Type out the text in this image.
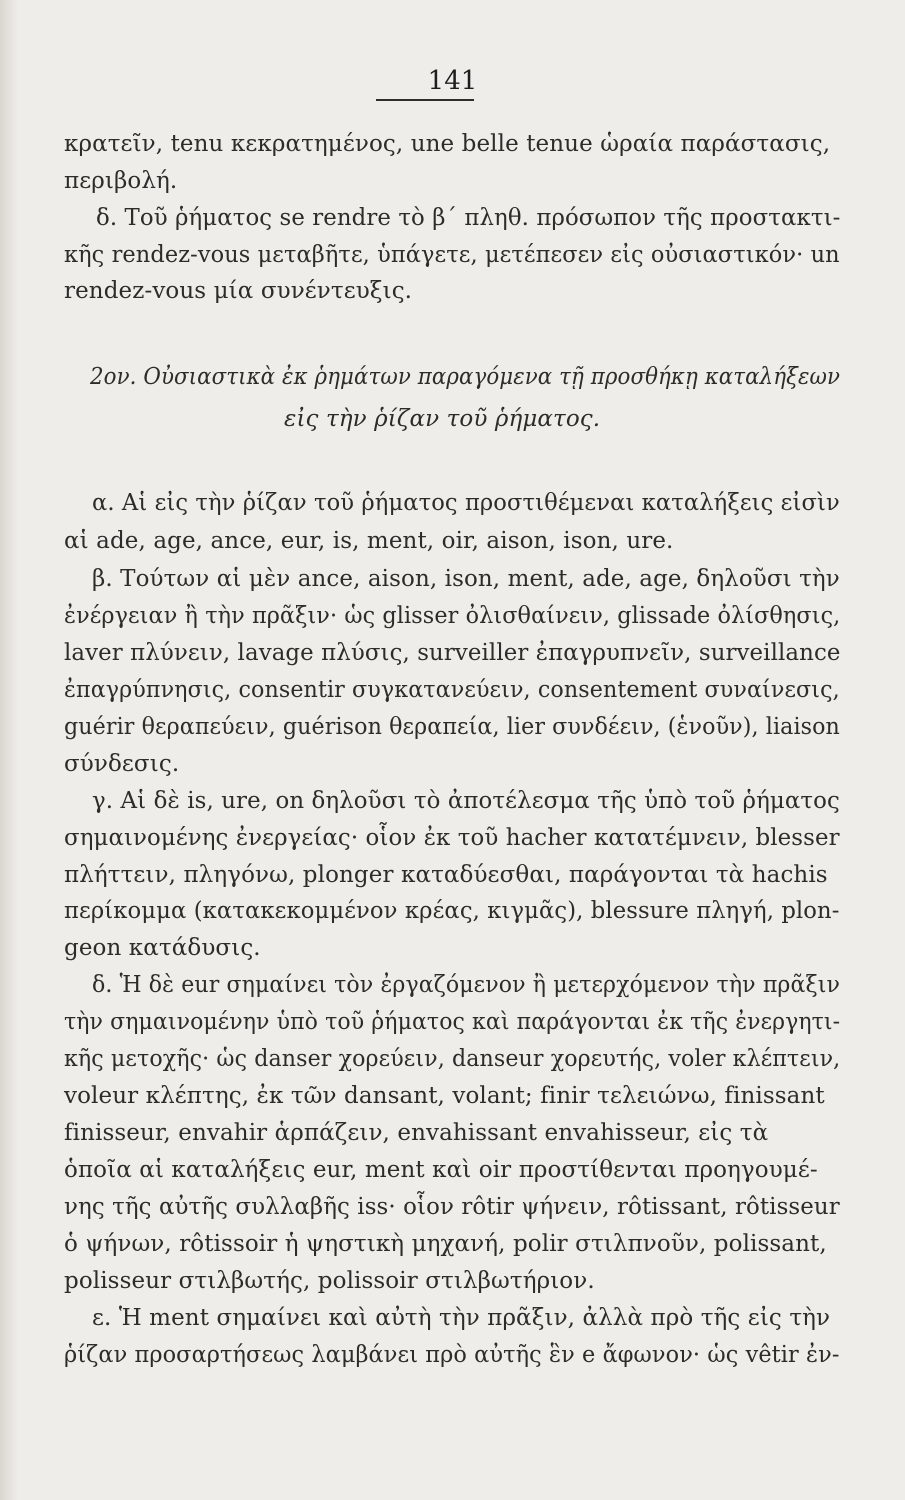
141
κρατεῖν, tenu κεκρατημένος, une belle tenue ὡραία παράστασις,
περιβολή.
δ. Τοῦ ῥήματος se rendre τὸ β΄ πληθ. πρόσωπον τῆς προστακτι-
κῆς rendez-vous μεταβῆτε, ὑπάγετε, μετέπεσεν εἰς οὐσιαστικόν· un
rendez-vous μία συνέντευξις.
2ον. Οὐσιαστικὰ ἐκ ῥημάτων παραγόμενα τῇ προσθήκῃ καταλήξεων
εἰς τὴν ῥίζαν τοῦ ῥήματος.
α. Αἱ εἰς τὴν ῥίζαν τοῦ ῥήματος προστιθέμεναι καταλήξεις εἰσὶν
αἱ ade, age, ance, eur, is, ment, oir, aison, ison, ure.
β. Τούτων αἱ μὲν ance, aison, ison, ment, ade, age, δηλοῦσι τὴν
ἐνέργειαν ἢ τὴν πρᾶξιν· ὡς glisser ὀλισθαίνειν, glissade ὀλίσθησις,
laver πλύνειν, lavage πλύσις, surveiller ἐπαγρυπνεῖν, surveillance
ἐπαγρύπνησις, consentir συγκατανεύειν, consentement συναίνεσις,
guérir θεραπεύειν, guérison θεραπεία, lier συνδέειν, (ἑνοῦν), liaison
σύνδεσις.
γ. Αἱ δὲ is, ure, on δηλοῦσι τὸ ἀποτέλεσμα τῆς ὑπὸ τοῦ ῥήματος
σημαινομένης ἐνεργείας· οἷον ἐκ τοῦ hacher κατατέμνειν, blesser
πλήττειν, πληγόνω, plonger καταδύεσθαι, παράγονται τὰ hachis
περίκομμα (κατακεκομμένον κρέας, κιγμᾶς), blessure πληγή, plon-
geon κατάδυσις.
δ. Ἡ δὲ eur σημαίνει τὸν ἐργαζόμενον ἢ μετερχόμενον τὴν πρᾶξιν
τὴν σημαινομένην ὑπὸ τοῦ ῥήματος καὶ παράγονται ἐκ τῆς ἐνεργητι-
κῆς μετοχῆς· ὡς danser χορεύειν, danseur χορευτής, voler κλέπτειν,
voleur κλέπτης, ἐκ τῶν dansant, volant; finir τελειώνω, finissant
finisseur, envahir ἁρπάζειν, envahissant envahisseur, εἰς τὰ
ὁποῖα αἱ καταλήξεις eur, ment καὶ oir προστίθενται προηγουμέ-
νης τῆς αὐτῆς συλλαβῆς iss· οἷον rôtir ψήνειν, rôtissant, rôtisseur
ὁ ψήνων, rôtissoir ἡ ψηστικὴ μηχανή, polir στιλπνοῦν, polissant,
polisseur στιλβωτής, polissoir στιλβωτήριον.
ε. Ἡ ment σημαίνει καὶ αὐτὴ τὴν πρᾶξιν, ἀλλὰ πρὸ τῆς εἰς τὴν
ῥίζαν προσαρτήσεως λαμβάνει πρὸ αὐτῆς ἓν e ἄφωνον· ὡς vêtir ἐν-
